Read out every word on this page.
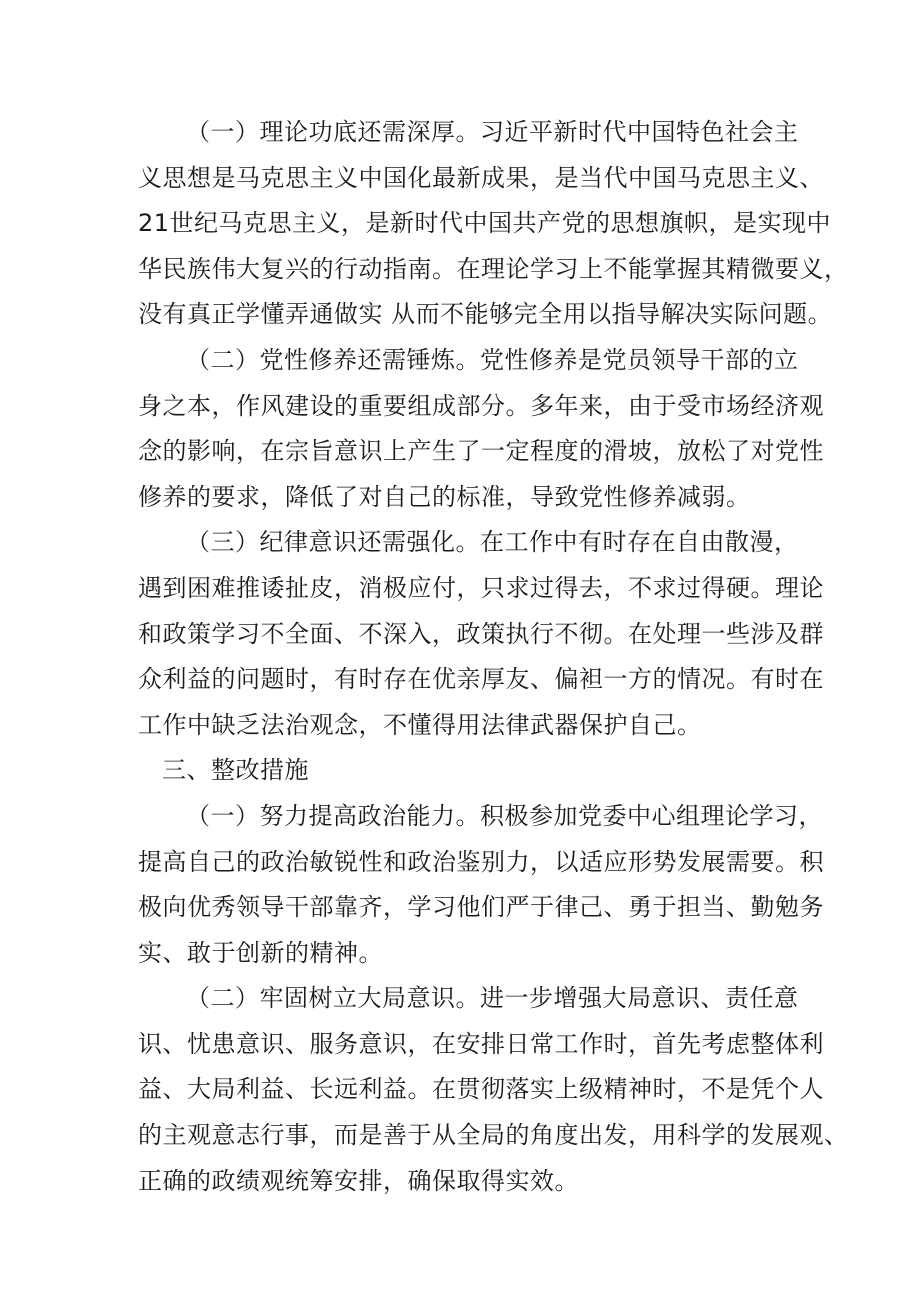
（一）理论功底还需深厚。习近平新时代中国特色社会主
义思想是马克思主义中国化最新成果，是当代中国马克思主义、
21世纪马克思主义，是新时代中国共产党的思想旗帜，是实现中
华民族伟大复兴的行动指南。在理论学习上不能掌握其精微要义，
没有真正学懂弄通做实 从而不能够完全用以指导解决实际问题。
（二）党性修养还需锤炼。党性修养是党员领导干部的立
身之本，作风建设的重要组成部分。多年来，由于受市场经济观
念的影响，在宗旨意识上产生了一定程度的滑坡，放松了对党性
修养的要求，降低了对自己的标准，导致党性修养减弱。
（三）纪律意识还需强化。在工作中有时存在自由散漫，
遇到困难推诿扯皮，消极应付，只求过得去，不求过得硬。理论
和政策学习不全面、不深入，政策执行不彻。在处理一些涉及群
众利益的问题时，有时存在优亲厚友、偏袒一方的情况。有时在
工作中缺乏法治观念，不懂得用法律武器保护自己。
三、整改措施
（一）努力提高政治能力。积极参加党委中心组理论学习，
提高自己的政治敏锐性和政治鉴别力，以适应形势发展需要。积
极向优秀领导干部靠齐，学习他们严于律己、勇于担当、勤勉务
实、敢于创新的精神。
（二）牢固树立大局意识。进一步增强大局意识、责任意
识、忧患意识、服务意识，在安排日常工作时，首先考虑整体利
益、大局利益、长远利益。在贯彻落实上级精神时，不是凭个人
的主观意志行事，而是善于从全局的角度出发，用科学的发展观、
正确的政绩观统筹安排，确保取得实效。
